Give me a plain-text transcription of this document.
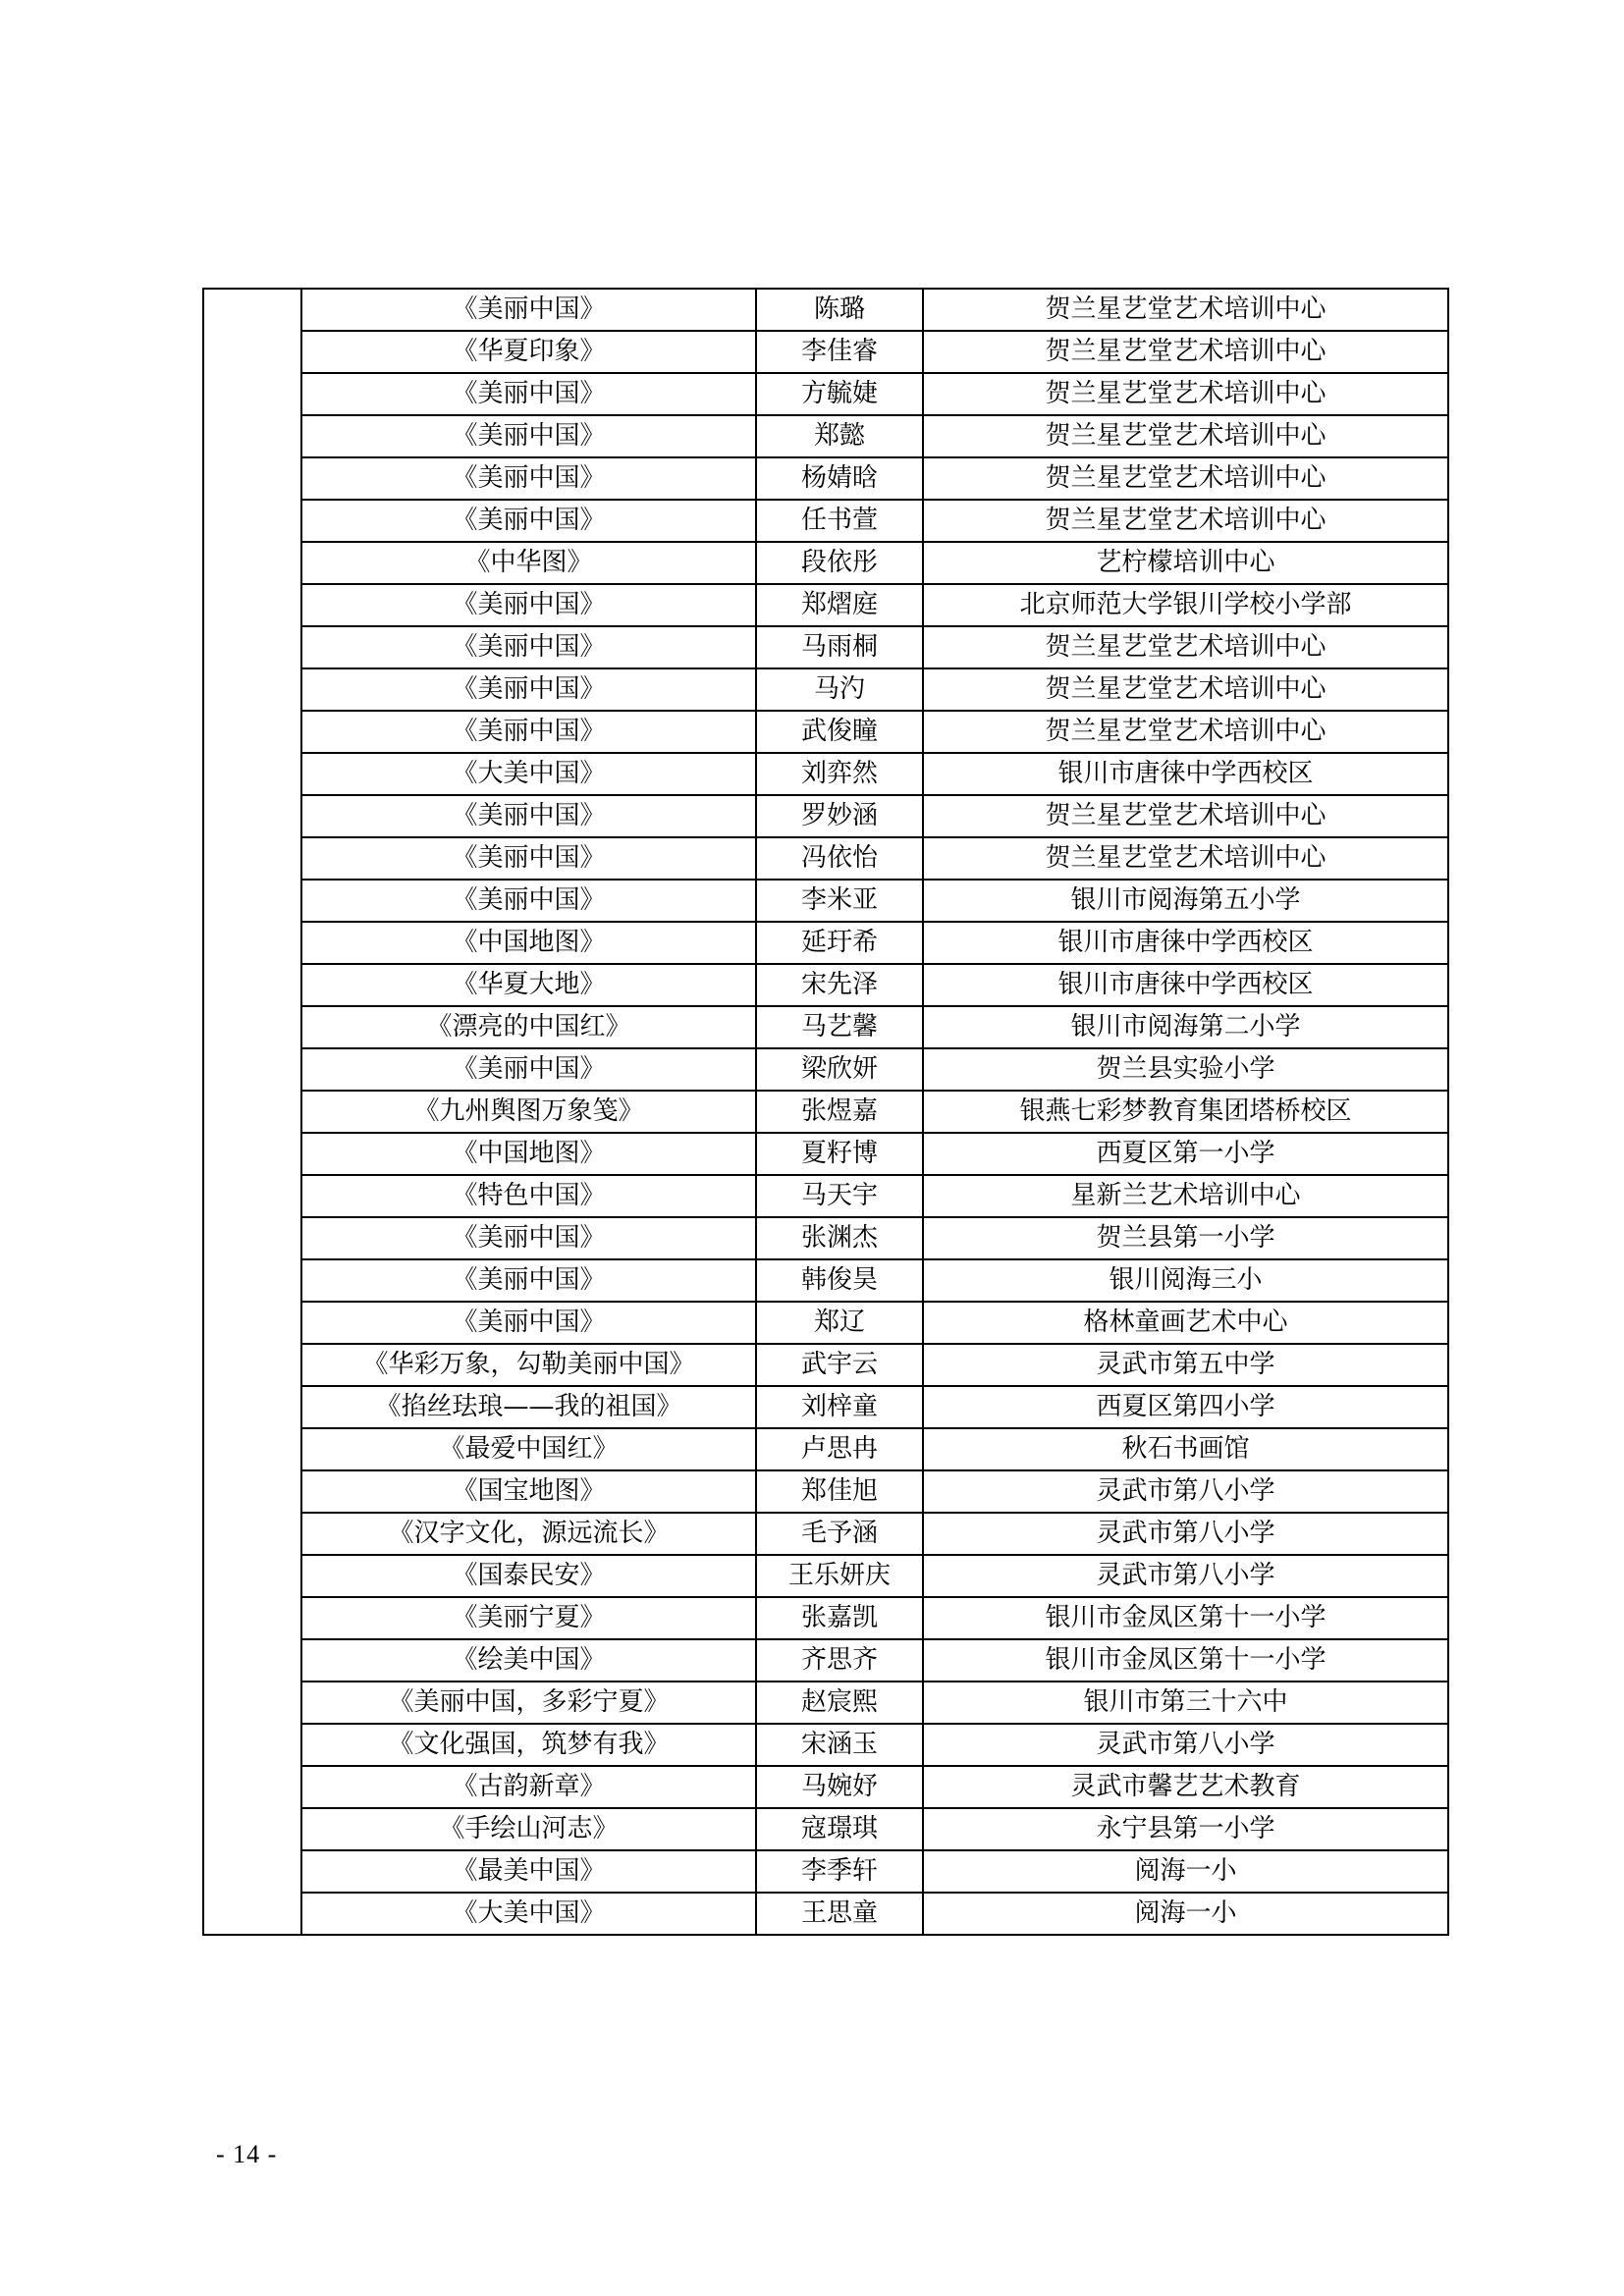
	《美丽中国》	陈璐	贺兰星艺堂艺术培训中心
	《华夏印象》	李佳睿	贺兰星艺堂艺术培训中心
	《美丽中国》	方毓婕	贺兰星艺堂艺术培训中心
	《美丽中国》	郑懿	贺兰星艺堂艺术培训中心
	《美丽中国》	杨婧晗	贺兰星艺堂艺术培训中心
	《美丽中国》	任书萱	贺兰星艺堂艺术培训中心
	《中华图》	段依彤	艺柠檬培训中心
	《美丽中国》	郑熠庭	北京师范大学银川学校小学部
	《美丽中国》	马雨桐	贺兰星艺堂艺术培训中心
	《美丽中国》	马汋	贺兰星艺堂艺术培训中心
	《美丽中国》	武俊瞳	贺兰星艺堂艺术培训中心
	《大美中国》	刘弈然	银川市唐徕中学西校区
	《美丽中国》	罗妙涵	贺兰星艺堂艺术培训中心
	《美丽中国》	冯依怡	贺兰星艺堂艺术培训中心
	《美丽中国》	李米亚	银川市阅海第五小学
	《中国地图》	延玗希	银川市唐徕中学西校区
	《华夏大地》	宋先泽	银川市唐徕中学西校区
	《漂亮的中国红》	马艺馨	银川市阅海第二小学
	《美丽中国》	梁欣妍	贺兰县实验小学
	《九州舆图万象笺》	张煜嘉	银燕七彩梦教育集团塔桥校区
	《中国地图》	夏籽博	西夏区第一小学
	《特色中国》	马天宇	星新兰艺术培训中心
	《美丽中国》	张渊杰	贺兰县第一小学
	《美丽中国》	韩俊昊	银川阅海三小
	《美丽中国》	郑辽	格林童画艺术中心
	《华彩万象，勾勒美丽中国》	武宇云	灵武市第五中学
	《掐丝珐琅——我的祖国》	刘梓童	西夏区第四小学
	《最爱中国红》	卢思冉	秋石书画馆
	《国宝地图》	郑佳旭	灵武市第八小学
	《汉字文化，源远流长》	毛予涵	灵武市第八小学
	《国泰民安》	王乐妍庆	灵武市第八小学
	《美丽宁夏》	张嘉凯	银川市金凤区第十一小学
	《绘美中国》	齐思齐	银川市金凤区第十一小学
	《美丽中国，多彩宁夏》	赵宸熙	银川市第三十六中
	《文化强国，筑梦有我》	宋涵玉	灵武市第八小学
	《古韵新章》	马婉妤	灵武市馨艺艺术教育
	《手绘山河志》	寇璟琪	永宁县第一小学
	《最美中国》	李季轩	阅海一小
	《大美中国》	王思童	阅海一小
- 14 -
